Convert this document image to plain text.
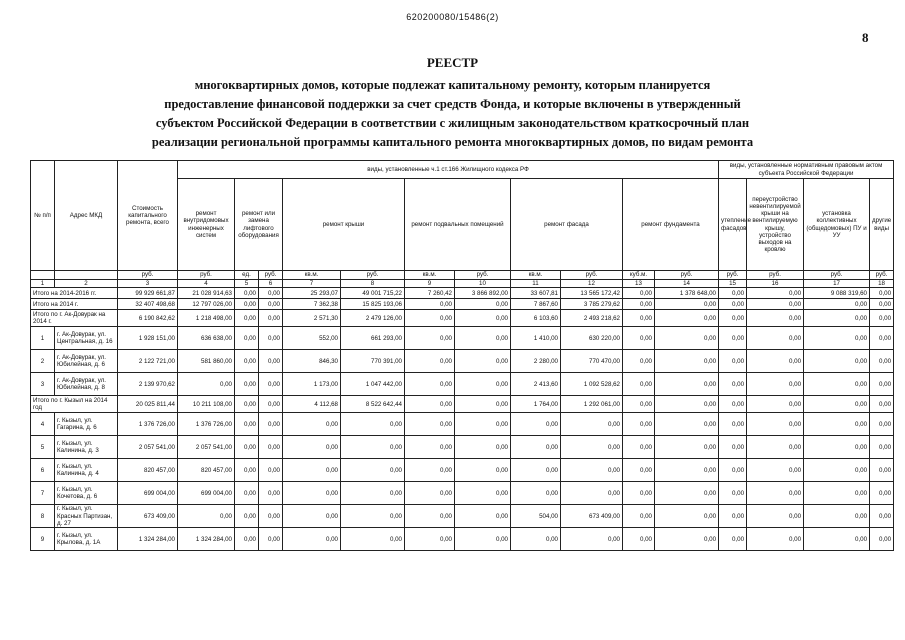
620200080/15486(2)
8
РЕЕСТР
многоквартирных домов, которые подлежат капитальному ремонту, которым планируется
предоставление финансовой поддержки за счет средств Фонда, и которые включены в утвержденный
субъектом Российской Федерации в соответствии с жилищным законодательством краткосрочный план
реализации региональной программы капитального ремонта многоквартирных домов, по видам ремонта
№ п/п	Адрес МКД	Стоимость капитального ремонта, всего	виды, установленные ч.1 ст.166 Жилищного кодекса РФ											виды, установленные нормативным правовым актом субъекта Российской Федерации			
			ремонт внутридомовых инженерных систем	ремонт или замена лифтового оборудования		ремонт крыши		ремонт подвальных помещений		ремонт фасада		ремонт фундамента		утепление фасадов	переустройство невентилируемой крыши на вентилируемую крышу, устройство выходов на кровлю	установка коллективных (общедомовых) ПУ и УУ	другие виды
		руб.	руб.	ед.	руб.	кв.м.	руб.	кв.м.	руб.	кв.м.	руб.	куб.м.	руб.	руб.	руб.	руб.	руб.
1	2	3	4	5	6	7	8	9	10	11	12	13	14	15	16	17	18
Итого на 2014-2016 гг.		99 929 661,87	21 028 914,63	0,00	0,00	25 293,07	49 001 715,22	7 260,42	3 866 892,00	33 607,81	13 565 172,42	0,00	1 378 648,00	0,00	0,00	9 088 319,60	0,00
Итого на 2014 г.		32 407 498,68	12 797 026,00	0,00	0,00	7 362,38	15 825 193,06	0,00	0,00	7 867,60	3 785 279,62	0,00	0,00	0,00	0,00	0,00	0,00
Итого по г. Ак-Довурак на 2014 г.		6 190 842,62	1 218 498,00	0,00	0,00	2 571,30	2 479 126,00	0,00	0,00	6 103,60	2 493 218,62	0,00	0,00	0,00	0,00	0,00	0,00
1	г. Ак-Довурак, ул. Центральная, д. 16	1 928 151,00	636 638,00	0,00	0,00	552,00	661 293,00	0,00	0,00	1 410,00	630 220,00	0,00	0,00	0,00	0,00	0,00	0,00
2	г. Ак-Довурак, ул. Юбилейная, д. 6	2 122 721,00	581 860,00	0,00	0,00	846,30	770 391,00	0,00	0,00	2 280,00	770 470,00	0,00	0,00	0,00	0,00	0,00	0,00
3	г. Ак-Довурак, ул. Юбилейная, д. 8	2 139 970,62	0,00	0,00	0,00	1 173,00	1 047 442,00	0,00	0,00	2 413,60	1 092 528,62	0,00	0,00	0,00	0,00	0,00	0,00
Итого по г. Кызыл на 2014 год		20 025 811,44	10 211 108,00	0,00	0,00	4 112,68	8 522 642,44	0,00	0,00	1 764,00	1 292 061,00	0,00	0,00	0,00	0,00	0,00	0,00
4	г. Кызыл, ул. Гагарина, д. 6	1 376 726,00	1 376 726,00	0,00	0,00	0,00	0,00	0,00	0,00	0,00	0,00	0,00	0,00	0,00	0,00	0,00	0,00
5	г. Кызыл, ул. Калинина, д. 3	2 057 541,00	2 057 541,00	0,00	0,00	0,00	0,00	0,00	0,00	0,00	0,00	0,00	0,00	0,00	0,00	0,00	0,00
6	г. Кызыл, ул. Калинина, д. 4	820 457,00	820 457,00	0,00	0,00	0,00	0,00	0,00	0,00	0,00	0,00	0,00	0,00	0,00	0,00	0,00	0,00
7	г. Кызыл, ул. Кочетова, д. 6	699 004,00	699 004,00	0,00	0,00	0,00	0,00	0,00	0,00	0,00	0,00	0,00	0,00	0,00	0,00	0,00	0,00
8	г. Кызыл, ул. Красных Партизан, д. 27	673 409,00	0,00	0,00	0,00	0,00	0,00	0,00	0,00	504,00	673 409,00	0,00	0,00	0,00	0,00	0,00	0,00
9	г. Кызыл, ул. Крылова, д. 1А	1 324 284,00	1 324 284,00	0,00	0,00	0,00	0,00	0,00	0,00	0,00	0,00	0,00	0,00	0,00	0,00	0,00	0,00
